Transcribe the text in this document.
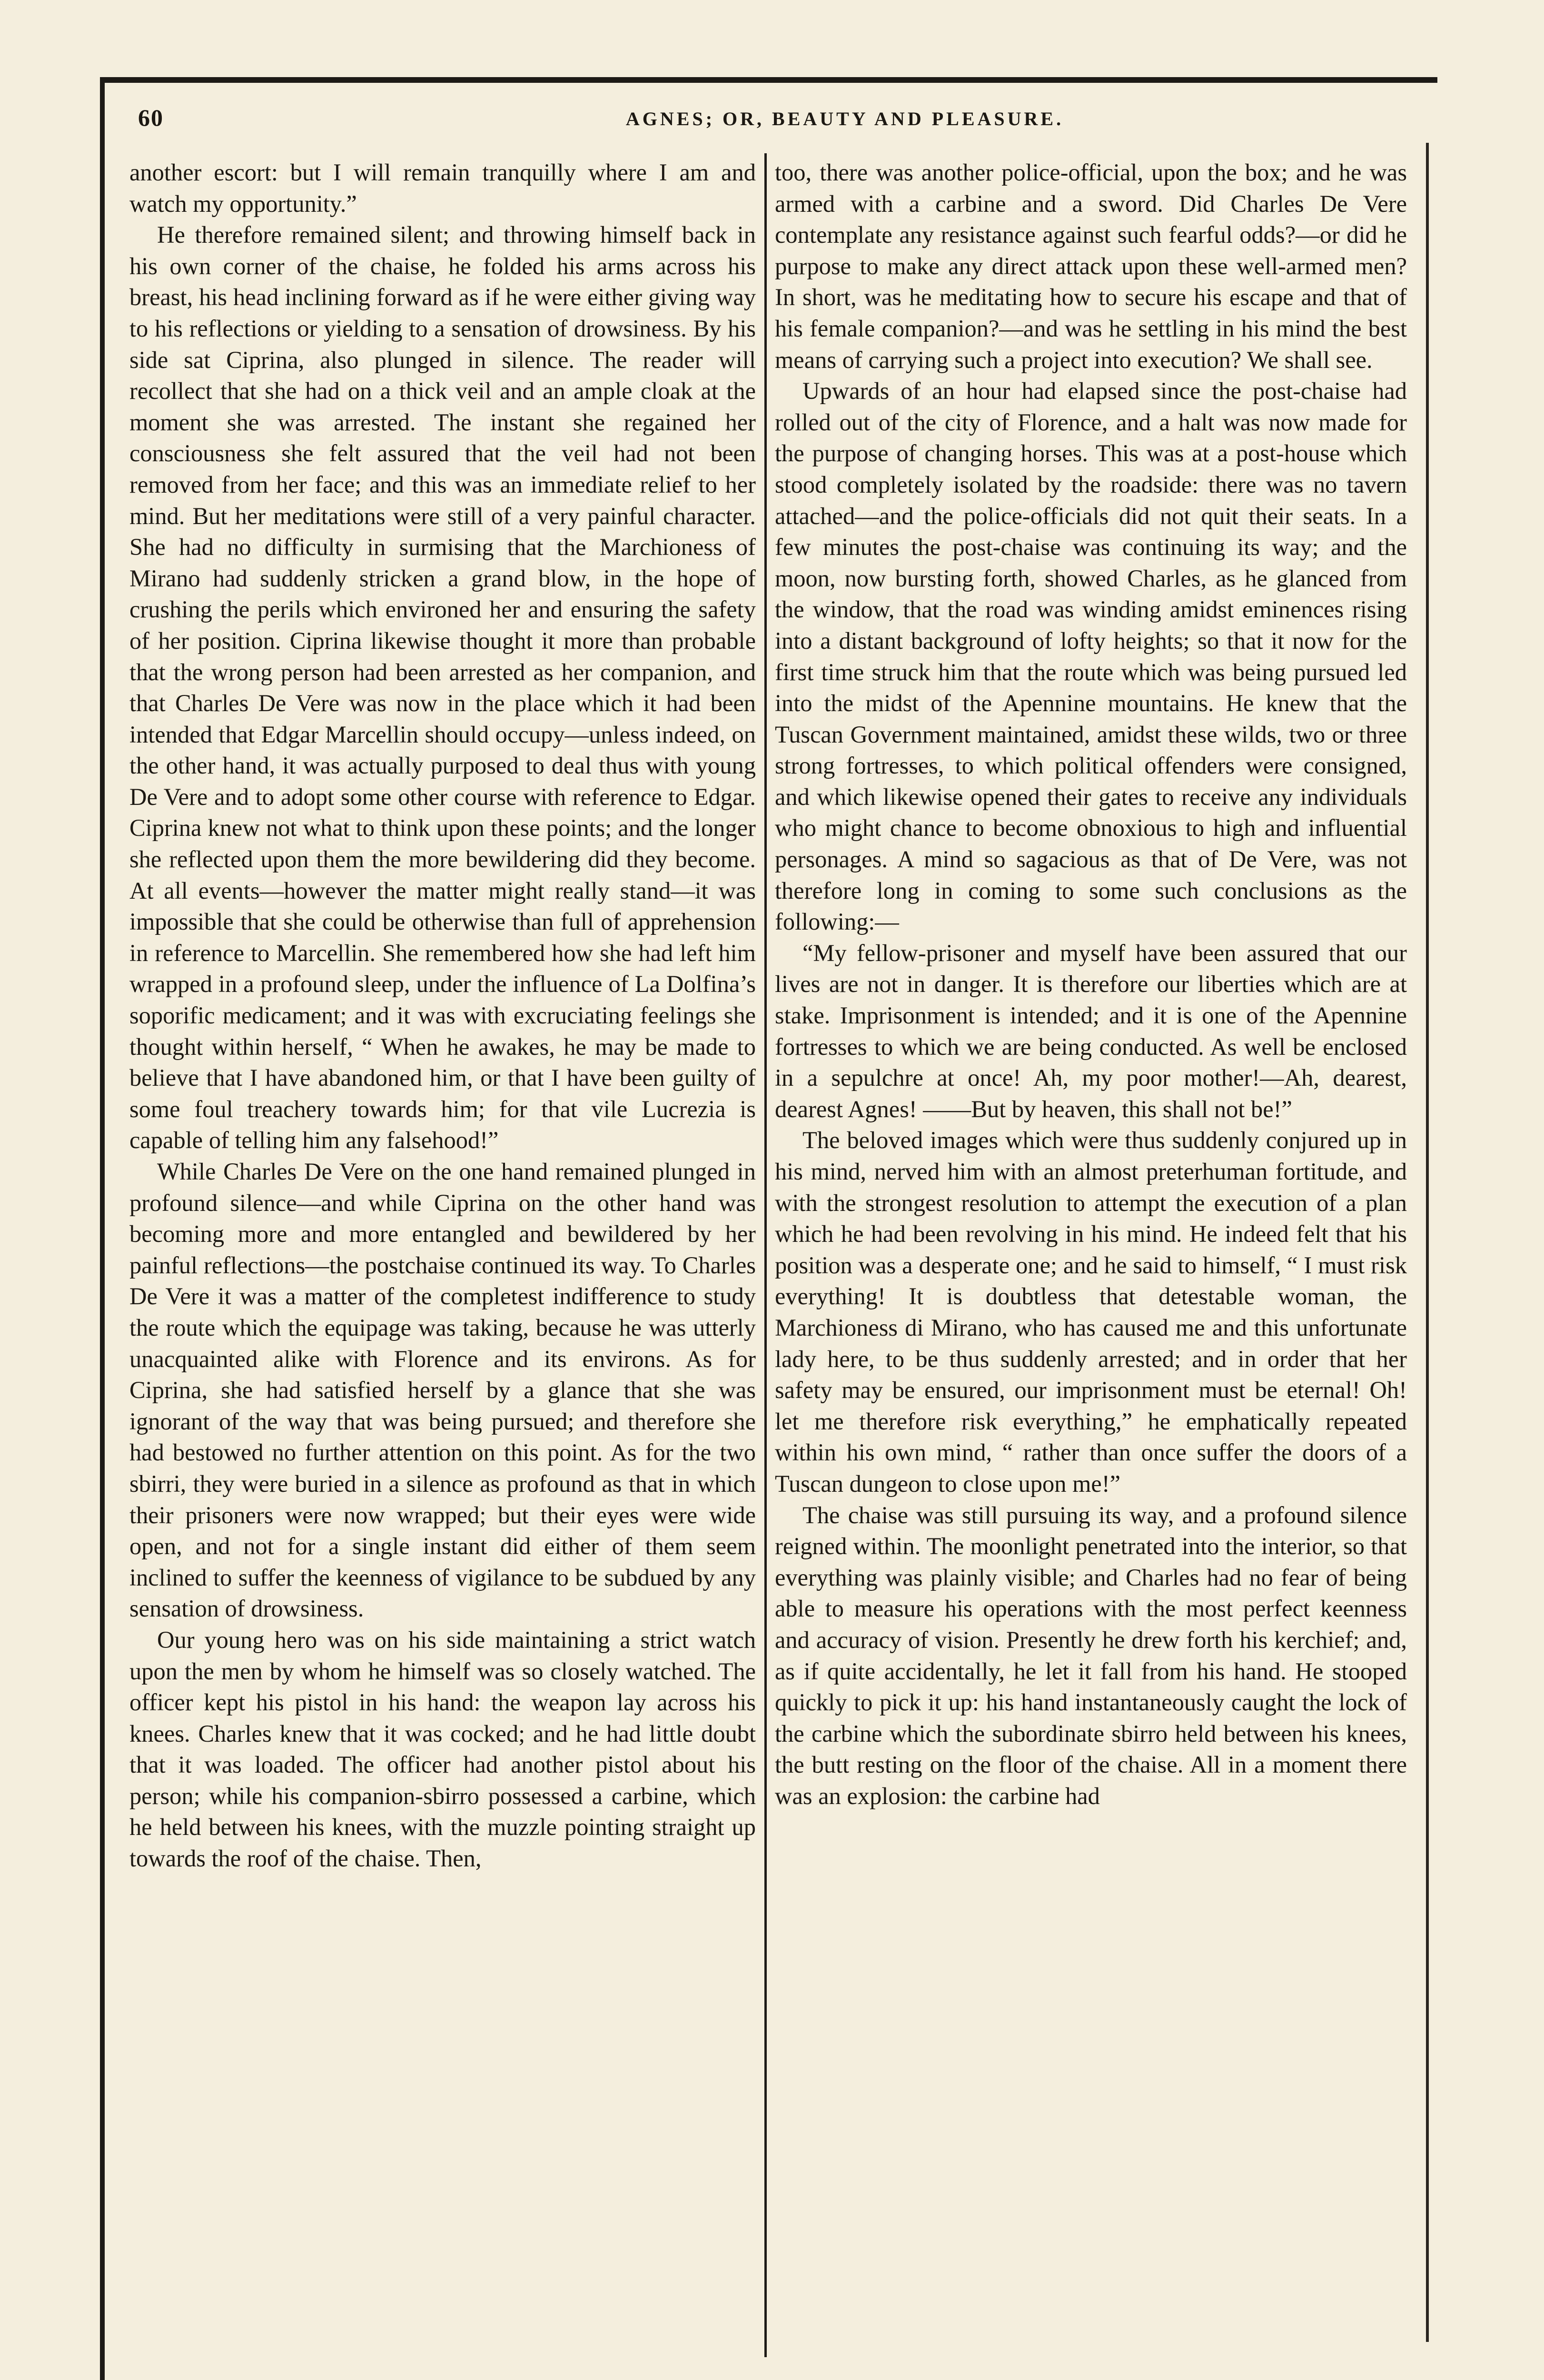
60	AGNES; OR, BEAUTY AND PLEASURE.

another escort: but I will remain tranquilly where I am and watch my opportunity.”

He therefore remained silent; and throwing himself back in his own corner of the chaise, he folded his arms across his breast, his head inclining forward as if he were either giving way to his reflections or yielding to a sensation of drowsiness. By his side sat Ciprina, also plunged in silence. The reader will recollect that she had on a thick veil and an ample cloak at the moment she was arrested. The instant she regained her consciousness she felt assured that the veil had not been removed from her face; and this was an immediate relief to her mind. But her meditations were still of a very painful character. She had no difficulty in surmising that the Marchioness of Mirano had suddenly stricken a grand blow, in the hope of crushing the perils which environed her and ensuring the safety of her position. Ciprina likewise thought it more than probable that the wrong person had been arrested as her companion, and that Charles De Vere was now in the place which it had been intended that Edgar Marcellin should occupy—unless indeed, on the other hand, it was actually purposed to deal thus with young De Vere and to adopt some other course with reference to Edgar. Ciprina knew not what to think upon these points; and the longer she reflected upon them the more bewildering did they become. At all events—however the matter might really stand—it was impossible that she could be otherwise than full of apprehension in reference to Marcellin. She remembered how she had left him wrapped in a profound sleep, under the influence of La Dolfina’s soporific medicament; and it was with excruciating feelings she thought within herself, “ When he awakes, he may be made to believe that I have abandoned him, or that I have been guilty of some foul treachery towards him; for that vile Lucrezia is capable of telling him any falsehood!”

While Charles De Vere on the one hand remained plunged in profound silence—and while Ciprina on the other hand was becoming more and more entangled and bewildered by her painful reflections—the postchaise continued its way. To Charles De Vere it was a matter of the completest indifference to study the route which the equipage was taking, because he was utterly unacquainted alike with Florence and its environs. As for Ciprina, she had satisfied herself by a glance that she was ignorant of the way that was being pursued; and therefore she had bestowed no further attention on this point. As for the two sbirri, they were buried in a silence as profound as that in which their prisoners were now wrapped; but their eyes were wide open, and not for a single instant did either of them seem inclined to suffer the keenness of vigilance to be subdued by any sensation of drowsiness.

Our young hero was on his side maintaining a strict watch upon the men by whom he himself was so closely watched. The officer kept his pistol in his hand: the weapon lay across his knees. Charles knew that it was cocked; and he had little doubt that it was loaded. The officer had another pistol about his person; while his companion-sbirro possessed a carbine, which he held between his knees, with the muzzle pointing straight up towards the roof of the chaise. Then,

too, there was another police-official, upon the box; and he was armed with a carbine and a sword. Did Charles De Vere contemplate any resistance against such fearful odds?—or did he purpose to make any direct attack upon these well-armed men? In short, was he meditating how to secure his escape and that of his female companion?—and was he settling in his mind the best means of carrying such a project into execution? We shall see.

Upwards of an hour had elapsed since the post-chaise had rolled out of the city of Florence, and a halt was now made for the purpose of changing horses. This was at a post-house which stood completely isolated by the roadside: there was no tavern attached—and the police-officials did not quit their seats. In a few minutes the post-chaise was continuing its way; and the moon, now bursting forth, showed Charles, as he glanced from the window, that the road was winding amidst eminences rising into a distant background of lofty heights; so that it now for the first time struck him that the route which was being pursued led into the midst of the Apennine mountains. He knew that the Tuscan Government maintained, amidst these wilds, two or three strong fortresses, to which political offenders were consigned, and which likewise opened their gates to receive any individuals who might chance to become obnoxious to high and influential personages. A mind so sagacious as that of De Vere, was not therefore long in coming to some such conclusions as the following:—

“My fellow-prisoner and myself have been assured that our lives are not in danger. It is therefore our liberties which are at stake. Imprisonment is intended; and it is one of the Apennine fortresses to which we are being conducted. As well be enclosed in a sepulchre at once! Ah, my poor mother!—Ah, dearest, dearest Agnes! ——But by heaven, this shall not be!”

The beloved images which were thus suddenly conjured up in his mind, nerved him with an almost preterhuman fortitude, and with the strongest resolution to attempt the execution of a plan which he had been revolving in his mind. He indeed felt that his position was a desperate one; and he said to himself, “ I must risk everything! It is doubtless that detestable woman, the Marchioness di Mirano, who has caused me and this unfortunate lady here, to be thus suddenly arrested; and in order that her safety may be ensured, our imprisonment must be eternal! Oh! let me therefore risk everything,” he emphatically repeated within his own mind, “ rather than once suffer the doors of a Tuscan dungeon to close upon me!”

The chaise was still pursuing its way, and a profound silence reigned within. The moonlight penetrated into the interior, so that everything was plainly visible; and Charles had no fear of being able to measure his operations with the most perfect keenness and accuracy of vision. Presently he drew forth his kerchief; and, as if quite accidentally, he let it fall from his hand. He stooped quickly to pick it up: his hand instantaneously caught the lock of the carbine which the subordinate sbirro held between his knees, the butt resting on the floor of the chaise. All in a moment there was an explosion: the carbine had
